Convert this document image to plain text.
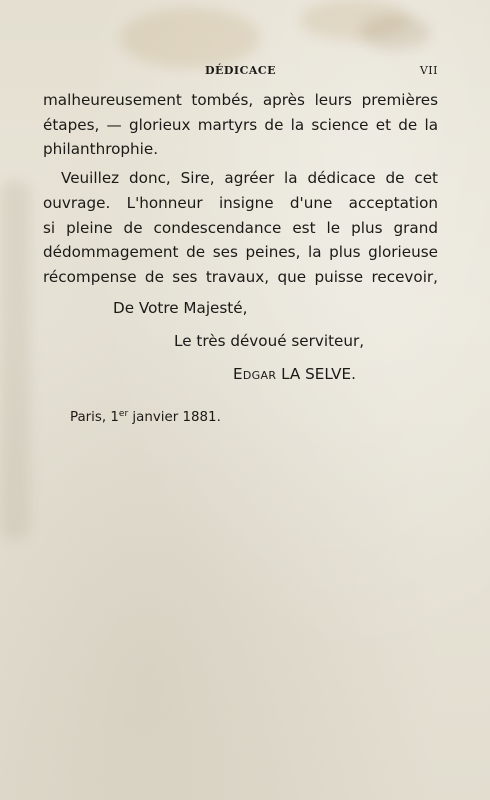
DÉDICACE	VII

malheureusement tombés, après leurs premières
étapes, — glorieux martyrs de la science et de la
philanthrophie.

Veuillez donc, Sire, agréer la dédicace de cet
ouvrage. L'honneur insigne d'une acceptation
si pleine de condescendance est le plus grand
dédommagement de ses peines, la plus glorieuse
récompense de ses travaux, que puisse recevoir,

De Votre Majesté,
Le très dévoué serviteur,
Edgar LA SELVE.
Paris, 1er janvier 1881.
